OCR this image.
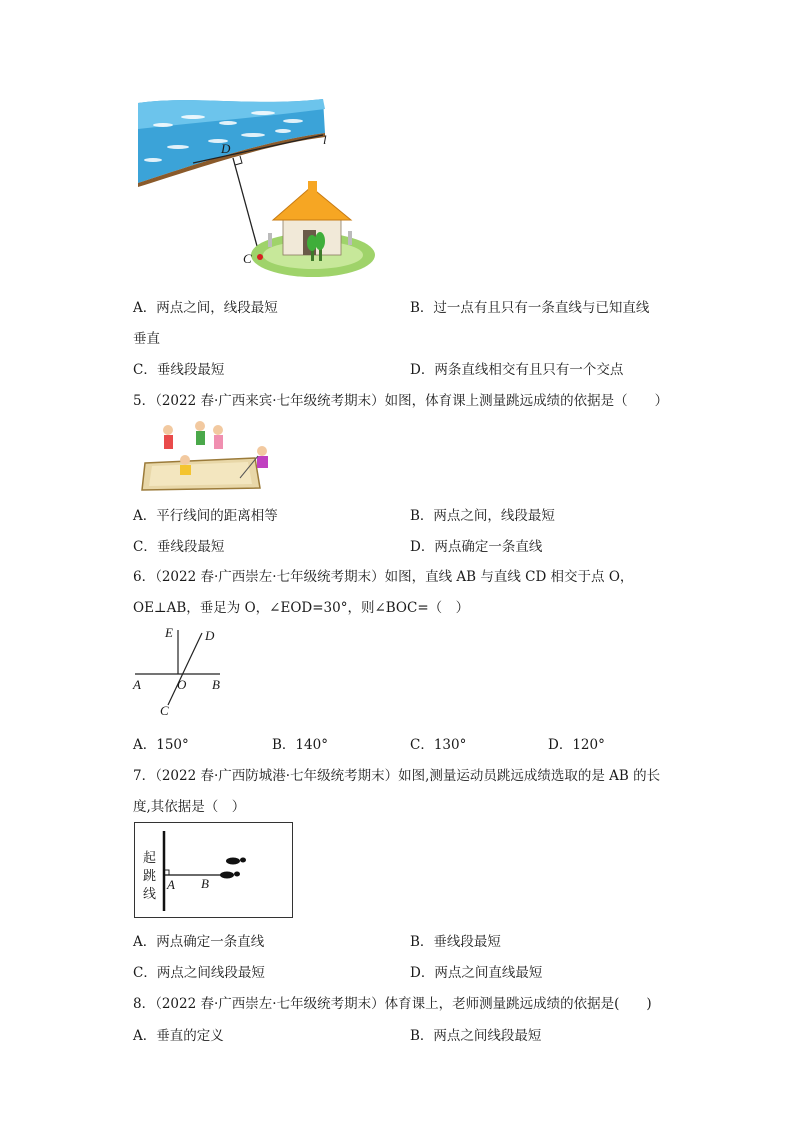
D
l
C
A．两点之间，线段最短	B．过一点有且只有一条直线与已知直线
垂直
C．垂线段最短	D．两条直线相交有且只有一个交点
5．（2022 春·广西来宾·七年级统考期末）如图，体育课上测量跳远成绩的依据是（　　）
A．平行线间的距离相等	B．两点之间，线段最短
C．垂线段最短	D．两点确定一条直线
6．（2022 春·广西崇左·七年级统考期末）如图，直线 AB 与直线 CD 相交于点 O，
OE⊥AB，垂足为 O，∠EOD=30°，则∠BOC=（　）
E D
A	O B
C
A．150°	B．140°	C．130°	D．120°
7．（2022 春·广西防城港·七年级统考期末）如图,测量运动员跳远成绩选取的是 AB 的长
度,其依据是（　）
起
跳
线
A B
A．两点确定一条直线	B．垂线段最短
C．两点之间线段最短	D．两点之间直线最短
8．（2022 春·广西崇左·七年级统考期末）体育课上，老师测量跳远成绩的依据是(　　)
A．垂直的定义	B．两点之间线段最短
